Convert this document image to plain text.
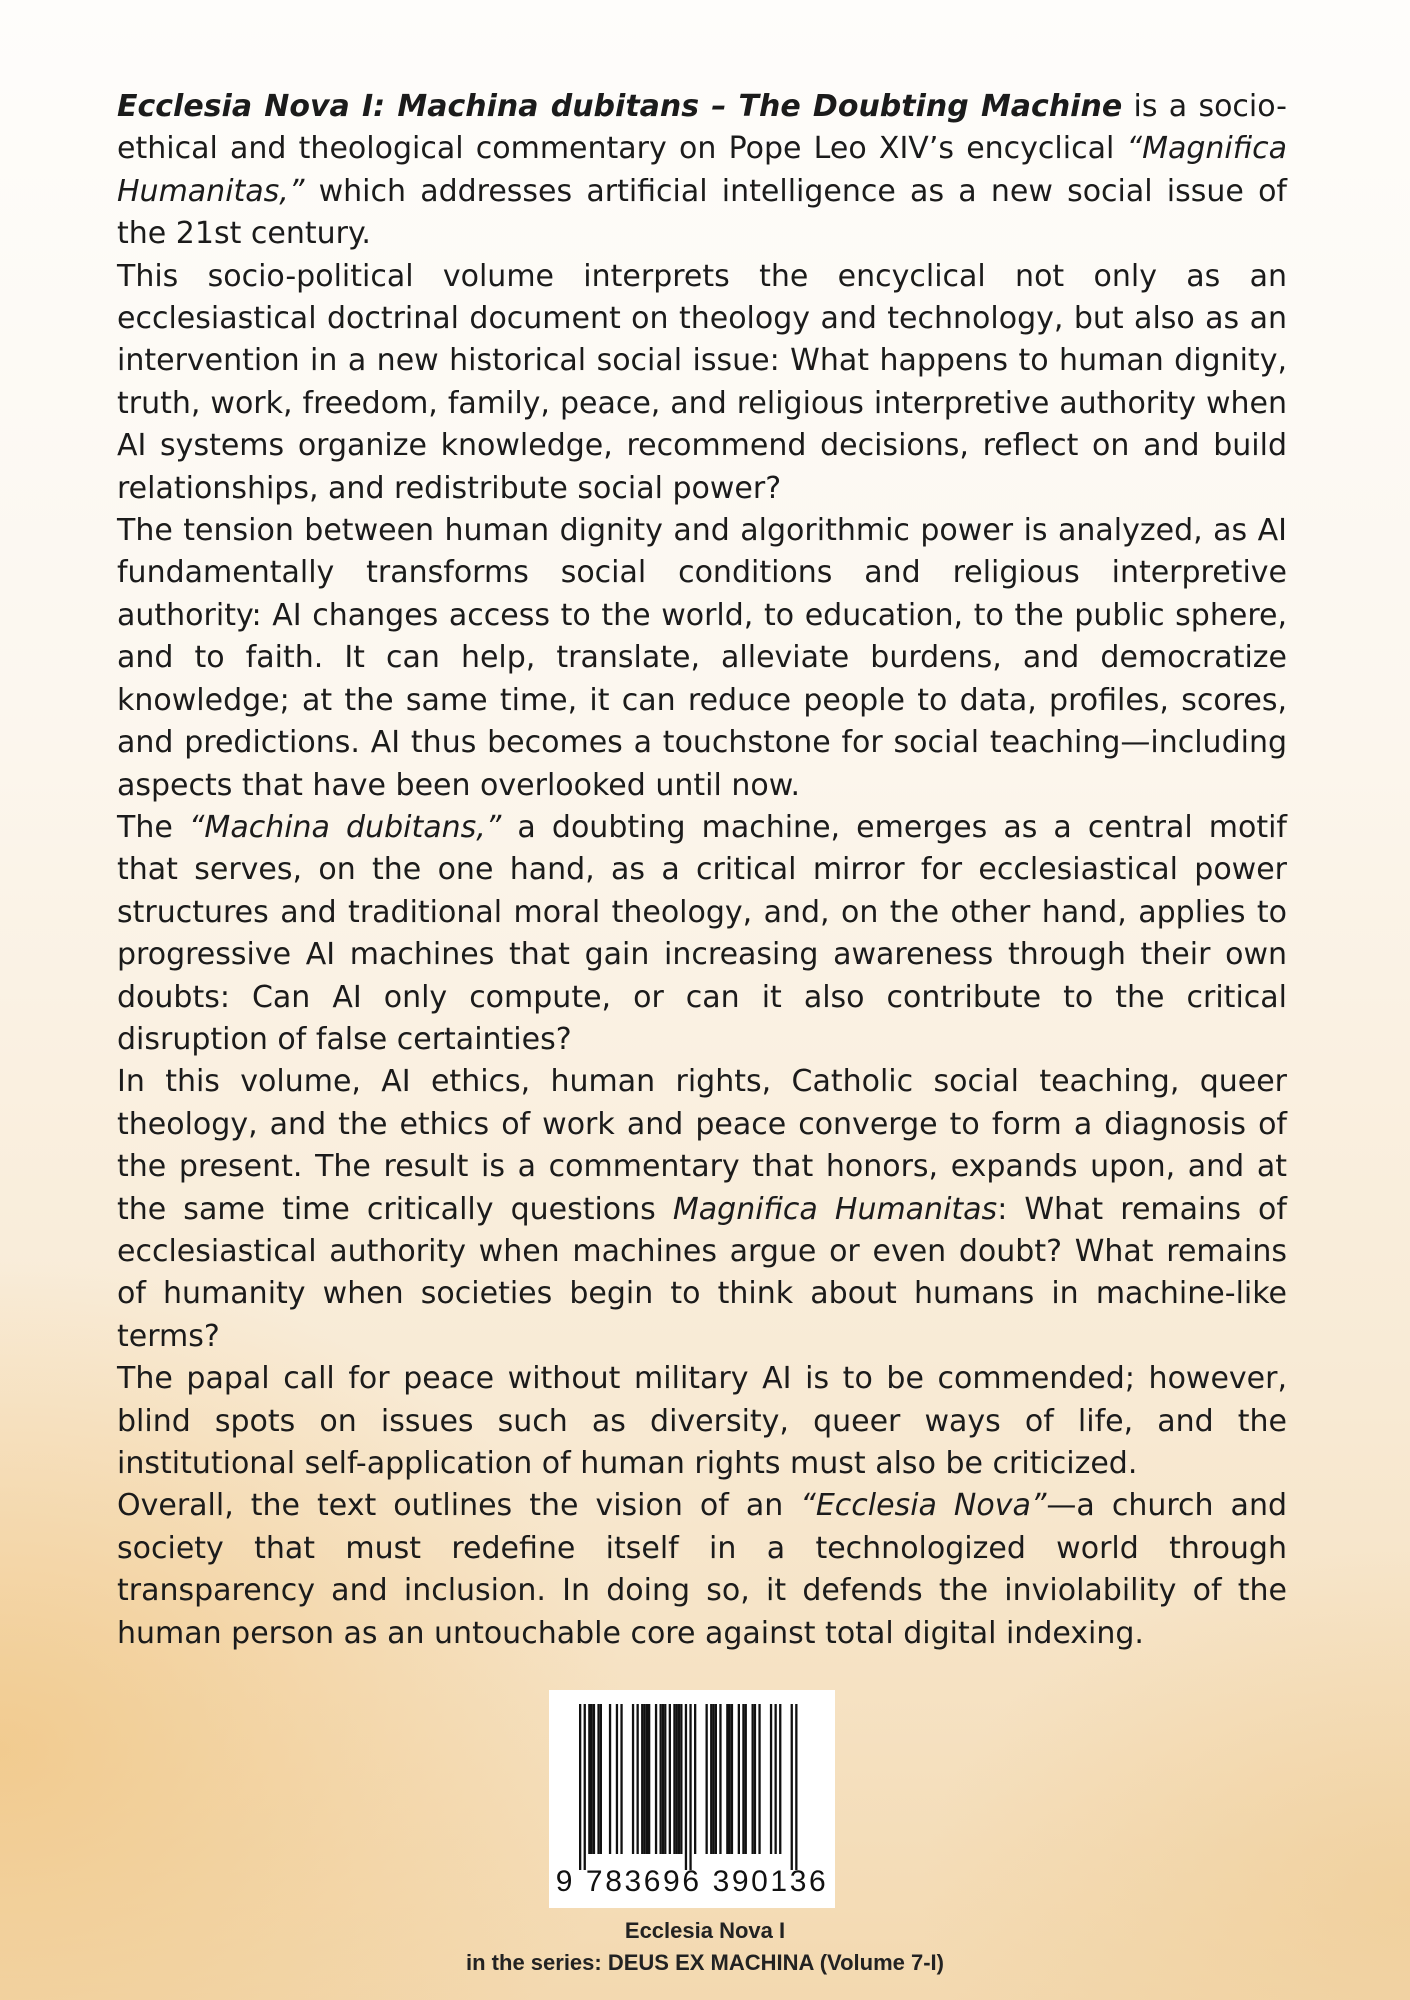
Ecclesia Nova I: Machina dubitans – The Doubting Machine is a socio-ethical and theological commentary on Pope Leo XIV’s encyclical “Magnifica Humanitas,” which addresses artificial intelligence as a new social issue of the 21st century.

This socio-political volume interprets the encyclical not only as an ecclesiastical doctrinal document on theology and technology, but also as an intervention in a new historical social issue: What happens to human dignity, truth, work, freedom, family, peace, and religious interpretive authority when AI systems organize knowledge, recommend decisions, reflect on and build relationships, and redistribute social power?

The tension between human dignity and algorithmic power is analyzed, as AI fundamentally transforms social conditions and religious interpretive authority: AI changes access to the world, to education, to the public sphere, and to faith. It can help, translate, alleviate burdens, and democratize knowledge; at the same time, it can reduce people to data, profiles, scores, and predictions. AI thus becomes a touchstone for social teaching—including aspects that have been overlooked until now.

The “Machina dubitans,” a doubting machine, emerges as a central motif that serves, on the one hand, as a critical mirror for ecclesiastical power structures and traditional moral theology, and, on the other hand, applies to progressive AI machines that gain increasing awareness through their own doubts: Can AI only compute, or can it also contribute to the critical disruption of false certainties?

In this volume, AI ethics, human rights, Catholic social teaching, queer theology, and the ethics of work and peace converge to form a diagnosis of the present. The result is a commentary that honors, expands upon, and at the same time critically questions Magnifica Humanitas: What remains of ecclesiastical authority when machines argue or even doubt? What remains of humanity when societies begin to think about humans in machine-like terms?

The papal call for peace without military AI is to be commended; however, blind spots on issues such as diversity, queer ways of life, and the institutional self-application of human rights must also be criticized.

Overall, the text outlines the vision of an “Ecclesia Nova”—a church and society that must redefine itself in a technologized world through transparency and inclusion. In doing so, it defends the inviolability of the human person as an untouchable core against total digital indexing.

9 783696 390136
Ecclesia Nova I
in the series: DEUS EX MACHINA (Volume 7-I)
